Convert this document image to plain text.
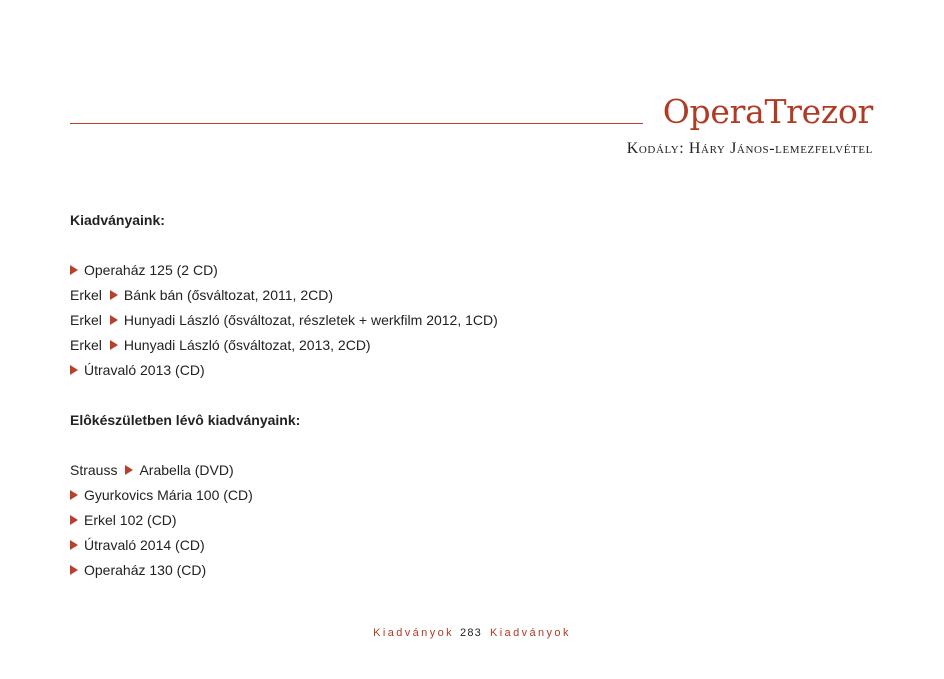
OperaTrezor
Kodály: Háry János-lemezfelvétel
Kiadványaink:
Operaház 125 (2 CD)
Erkel Bánk bán (ősváltozat, 2011, 2CD)
Erkel Hunyadi László (ősváltozat, részletek + werkfilm 2012, 1CD)
Erkel Hunyadi László (ősváltozat, 2013, 2CD)
Útravaló 2013 (CD)
Elôkészületben lévô kiadványaink:
Strauss Arabella (DVD)
Gyurkovics Mária 100 (CD)
Erkel 102 (CD)
Útravaló 2014 (CD)
Operaház 130 (CD)
Kiadványok 283 Kiadványok
